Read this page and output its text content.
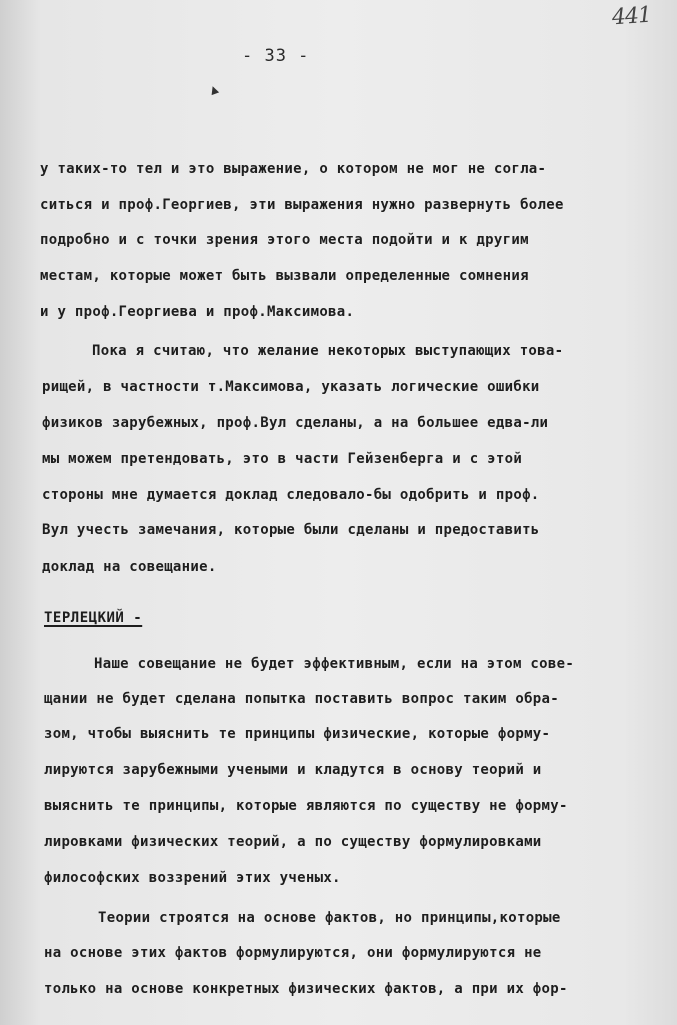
441
- 33 -
у таких-то тел и это выражение, о котором не мог не согла-
ситься и проф.Георгиев, эти выражения нужно развернуть более
подробно и с точки зрения этого места подойти и к другим
местам, которые может быть вызвали определенные сомнения
и у проф.Георгиева и проф.Максимова.
Пока я считаю, что желание некоторых выступающих това-
рищей, в частности т.Максимова, указать логические ошибки
физиков зарубежных, проф.Вул сделаны, а на большее едва-ли
мы можем претендовать, это в части Гейзенберга и с этой
стороны мне думается доклад следовало-бы одобрить и проф.
Вул учесть замечания, которые были сделаны и предоставить
доклад на совещание.
ТЕРЛЕЦКИЙ -
Наше совещание не будет эффективным, если на этом сове-
щании не будет сделана попытка поставить вопрос таким обра-
зом, чтобы выяснить те принципы физические, которые форму-
лируются зарубежными учеными и кладутся в основу теорий и
выяснить те принципы, которые являются по существу не форму-
лировками физических теорий, а по существу формулировками
философских воззрений этих ученых.
Теории строятся на основе фактов, но принципы,которые
на основе этих фактов формулируются, они формулируются не
только на основе конкретных физических фактов, а при их фор-
